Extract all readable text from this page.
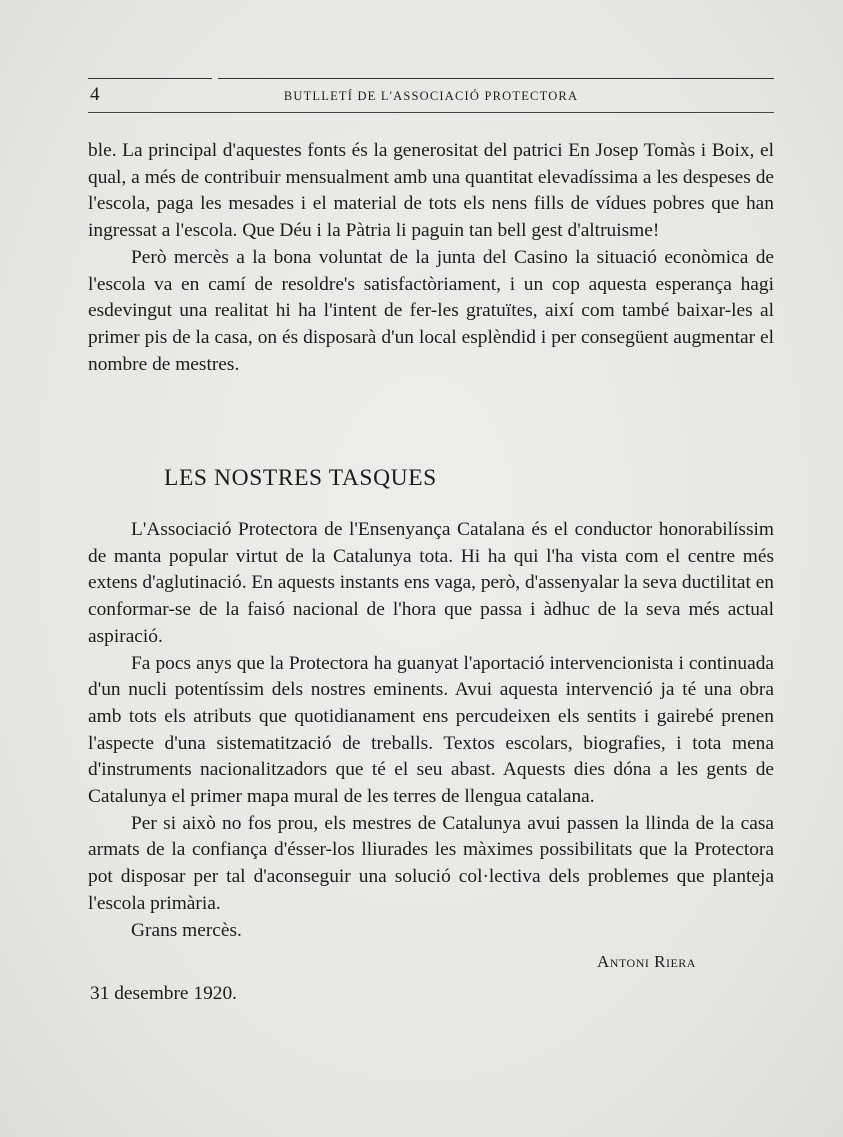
4	BUTLLETÍ DE L'ASSOCIACIÓ PROTECTORA

ble. La principal d'aquestes fonts és la generositat del patrici En Josep Tomàs i Boix, el qual, a més de contribuir mensualment amb una quantitat elevadíssima a les despeses de l'escola, paga les mesades i el material de tots els nens fills de vídues pobres que han ingressat a l'escola. Que Déu i la Pàtria li paguin tan bell gest d'altruisme!

Però mercès a la bona voluntat de la junta del Casino la situació econòmica de l'escola va en camí de resoldre's satisfactòriament, i un cop aquesta esperança hagi esdevingut una realitat hi ha l'intent de fer-les gratuïtes, així com també baixar-les al primer pis de la casa, on és disposarà d'un local esplèndid i per consegüent augmentar el nombre de mestres.

LES NOSTRES TASQUES

L'Associació Protectora de l'Ensenyança Catalana és el conductor honorabilíssim de manta popular virtut de la Catalunya tota. Hi ha qui l'ha vista com el centre més extens d'aglutinació. En aquests instants ens vaga, però, d'assenyalar la seva ductilitat en conformar-se de la faisó nacional de l'hora que passa i àdhuc de la seva més actual aspiració.

Fa pocs anys que la Protectora ha guanyat l'aportació intervencionista i continuada d'un nucli potentíssim dels nostres eminents. Avui aquesta intervenció ja té una obra amb tots els atributs que quotidianament ens percudeixen els sentits i gairebé prenen l'aspecte d'una sistematització de treballs. Textos escolars, biografies, i tota mena d'instruments nacionalitzadors que té el seu abast. Aquests dies dóna a les gents de Catalunya el primer mapa mural de les terres de llengua catalana.

Per si això no fos prou, els mestres de Catalunya avui passen la llinda de la casa armats de la confiança d'ésser-los lliurades les màximes possibilitats que la Protectora pot disposar per tal d'aconseguir una solució col·lectiva dels problemes que planteja l'escola primària.

Grans mercès.

Antoni Riera
31 desembre 1920.
